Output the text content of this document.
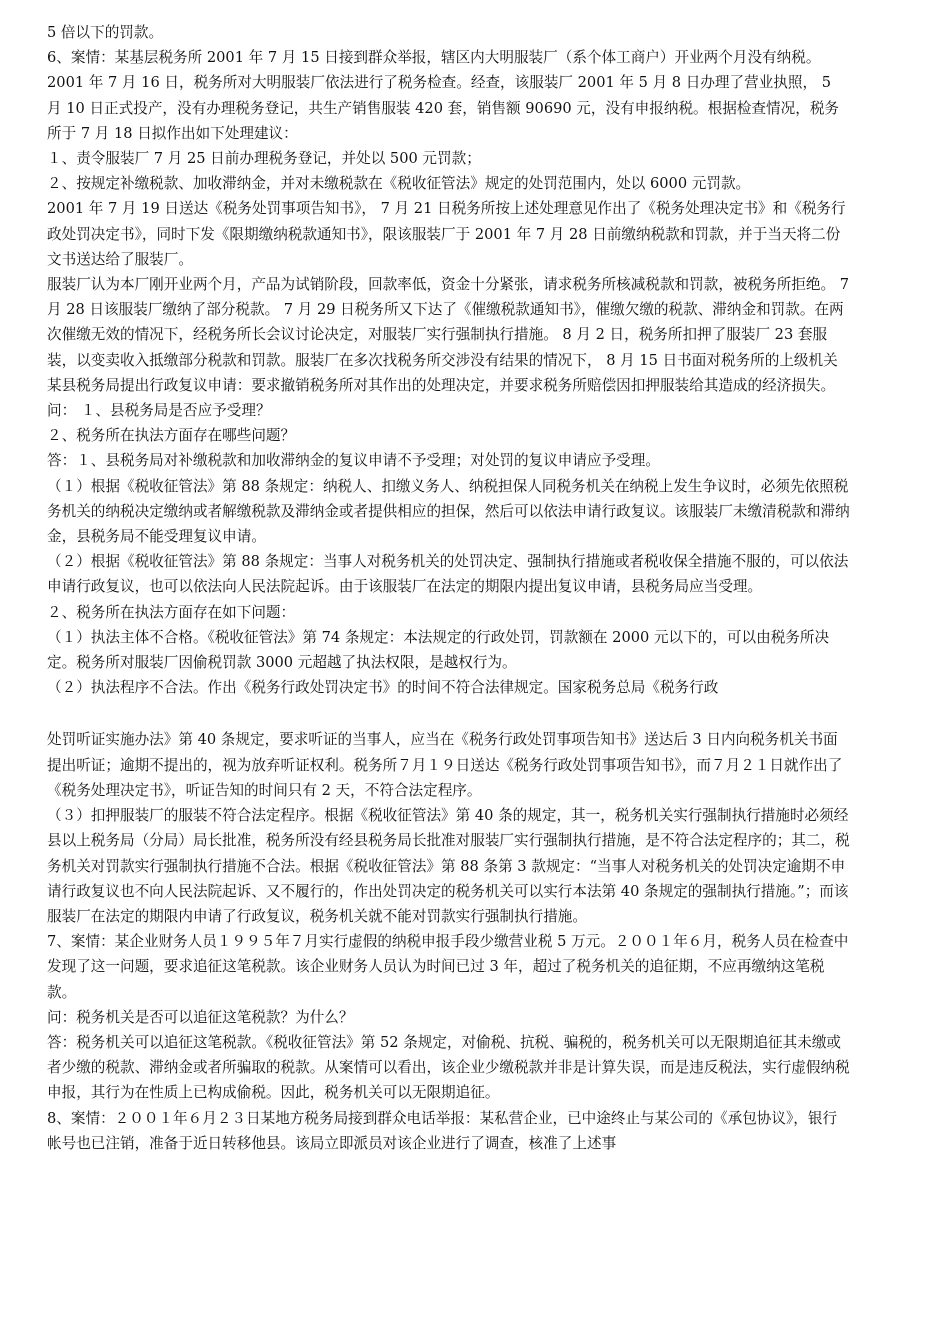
5 倍以下的罚款。

6、案情：某基层税务所 2001 年 7 月 15 日接到群众举报，辖区内大明服装厂（系个体工商户）开业两个月没有纳税。

2001 年 7 月 16 日，税务所对大明服装厂依法进行了税务检查。经查，该服装厂 2001 年 5 月 8 日办理了营业执照， 5 月 10 日正式投产，没有办理税务登记，共生产销售服装 420 套，销售额 90690 元，没有申报纳税。根据检查情况，税务所于 7 月 18 日拟作出如下处理建议：

１、责令服装厂 7 月 25 日前办理税务登记，并处以 500 元罚款；

２、按规定补缴税款、加收滞纳金，并对未缴税款在《税收征管法》规定的处罚范围内，处以 6000 元罚款。

2001 年 7 月 19 日送达《税务处罚事项告知书》， 7 月 21 日税务所按上述处理意见作出了《税务处理决定书》和《税务行政处罚决定书》，同时下发《限期缴纳税款通知书》，限该服装厂于 2001 年 7 月 28 日前缴纳税款和罚款，并于当天将二份文书送达给了服装厂。

服装厂认为本厂刚开业两个月，产品为试销阶段，回款率低，资金十分紧张，请求税务所核减税款和罚款，被税务所拒绝。 7 月 28 日该服装厂缴纳了部分税款。 7 月 29 日税务所又下达了《催缴税款通知书》，催缴欠缴的税款、滞纳金和罚款。在两次催缴无效的情况下，经税务所长会议讨论决定，对服装厂实行强制执行措施。 8 月 2 日，税务所扣押了服装厂 23 套服装，以变卖收入抵缴部分税款和罚款。服装厂在多次找税务所交涉没有结果的情况下， 8 月 15 日书面对税务所的上级机关某县税务局提出行政复议申请：要求撤销税务所对其作出的处理决定，并要求税务所赔偿因扣押服装给其造成的经济损失。

问： １、县税务局是否应予受理？

２、税务所在执法方面存在哪些问题？

答：１、县税务局对补缴税款和加收滞纳金的复议申请不予受理；对处罚的复议申请应予受理。

（１）根据《税收征管法》第 88 条规定：纳税人、扣缴义务人、纳税担保人同税务机关在纳税上发生争议时，必须先依照税务机关的纳税决定缴纳或者解缴税款及滞纳金或者提供相应的担保，然后可以依法申请行政复议。该服装厂未缴清税款和滞纳金，县税务局不能受理复议申请。

（２）根据《税收征管法》第 88 条规定：当事人对税务机关的处罚决定、强制执行措施或者税收保全措施不服的，可以依法申请行政复议，也可以依法向人民法院起诉。由于该服装厂在法定的期限内提出复议申请，县税务局应当受理。

２、税务所在执法方面存在如下问题：

（１）执法主体不合格。《税收征管法》第 74 条规定：本法规定的行政处罚，罚款额在 2000 元以下的，可以由税务所决定。税务所对服装厂因偷税罚款 3000 元超越了执法权限，是越权行为。

（２）执法程序不合法。作出《税务行政处罚决定书》的时间不符合法律规定。国家税务总局《税务行政

处罚听证实施办法》第 40 条规定，要求听证的当事人，应当在《税务行政处罚事项告知书》送达后 3 日内向税务机关书面提出听证；逾期不提出的，视为放弃听证权利。税务所７月１９日送达《税务行政处罚事项告知书》，而７月２１日就作出了《税务处理决定书》，听证告知的时间只有 2 天，不符合法定程序。

（３）扣押服装厂的服装不符合法定程序。根据《税收征管法》第 40 条的规定，其一，税务机关实行强制执行措施时必须经县以上税务局（分局）局长批准，税务所没有经县税务局长批准对服装厂实行强制执行措施，是不符合法定程序的；其二，税务机关对罚款实行强制执行措施不合法。根据《税收征管法》第 88 条第 3 款规定：“当事人对税务机关的处罚决定逾期不申请行政复议也不向人民法院起诉、又不履行的，作出处罚决定的税务机关可以实行本法第 40 条规定的强制执行措施。”；而该服装厂在法定的期限内申请了行政复议，税务机关就不能对罚款实行强制执行措施。

7、案情：某企业财务人员１９９５年７月实行虚假的纳税申报手段少缴营业税 5 万元。２００１年６月，税务人员在检查中发现了这一问题，要求追征这笔税款。该企业财务人员认为时间已过 3 年，超过了税务机关的追征期，不应再缴纳这笔税款。

问：税务机关是否可以追征这笔税款？为什么？

答：税务机关可以追征这笔税款。《税收征管法》第 52 条规定，对偷税、抗税、骗税的，税务机关可以无限期追征其未缴或者少缴的税款、滞纳金或者所骗取的税款。从案情可以看出，该企业少缴税款并非是计算失误，而是违反税法，实行虚假纳税申报，其行为在性质上已构成偷税。因此，税务机关可以无限期追征。

8、案情：２００１年６月２３日某地方税务局接到群众电话举报：某私营企业，已中途终止与某公司的《承包协议》，银行帐号也已注销，准备于近日转移他县。该局立即派员对该企业进行了调查，核准了上述事
